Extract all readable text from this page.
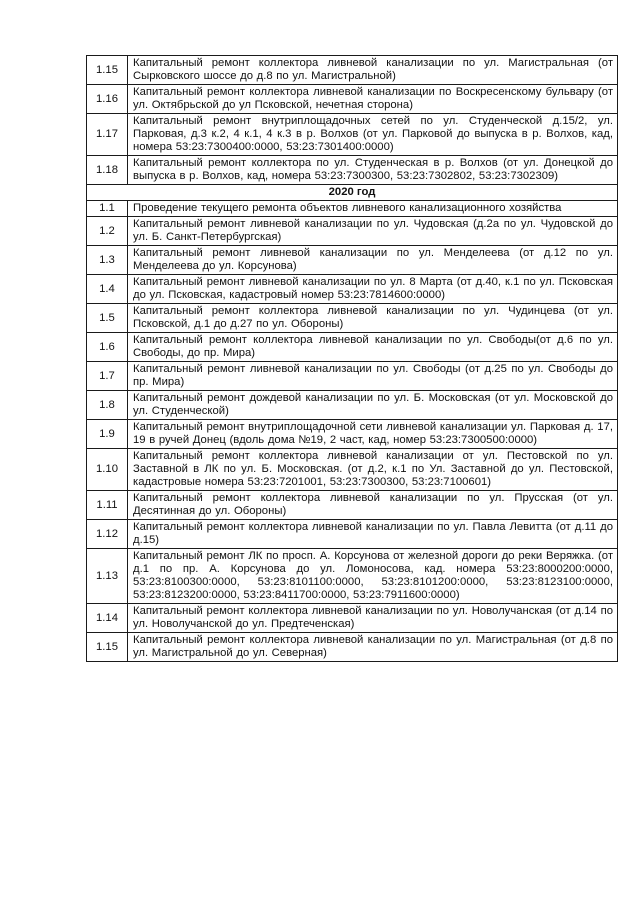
1.15	Капитальный ремонт коллектора ливневой канализации по ул. Магистральная (от Сырковского шоссе до д.8 по ул. Магистральной)
1.16	Капитальный ремонт коллектора ливневой канализации по Воскресенскому бульвару (от ул. Октябрьской до ул Псковской, нечетная сторона)
1.17	Капитальный ремонт внутриплощадочных сетей по ул. Студенческой д.15/2, ул. Парковая, д.3 к.2, 4 к.1, 4 к.3 в р. Волхов (от ул. Парковой до выпуска в р. Волхов, кад, номера 53:23:7300400:0000, 53:23:7301400:0000)
1.18	Капитальный ремонт коллектора по ул. Студенческая в р. Волхов (от ул. Донецкой до выпуска в р. Волхов, кад, номера 53:23:7300300, 53:23:7302802, 53:23:7302309)
2020 год	
1.1	Проведение текущего ремонта объектов ливневого канализационного хозяйства
1.2	Капитальный ремонт ливневой канализации по ул. Чудовская (д.2а по ул. Чудовской до ул. Б. Санкт-Петербургская)
1.3	Капитальный ремонт ливневой канализации по ул. Менделеева (от д.12 по ул. Менделеева до ул. Корсунова)
1.4	Капитальный ремонт ливневой канализации по ул. 8 Марта (от д.40, к.1 по ул. Псковская до ул. Псковская, кадастровый номер 53:23:7814600:0000)
1.5	Капитальный ремонт коллектора ливневой канализации по ул. Чудинцева (от ул. Псковской, д.1 до д.27 по ул. Обороны)
1.6	Капитальный ремонт коллектора ливневой канализации по ул. Свободы(от д.6 по ул. Свободы, до пр. Мира)
1.7	Капитальный ремонт ливневой канализации по ул. Свободы (от д.25 по ул. Свободы до пр. Мира)
1.8	Капитальный ремонт дождевой канализации по ул. Б. Московская (от ул. Московской до ул. Студенческой)
1.9	Капитальный ремонт внутриплощадочной сети ливневой канализации ул. Парковая д. 17, 19 в ручей Донец (вдоль дома №19, 2 част, кад, номер 53:23:7300500:0000)
1.10	Капитальный ремонт коллектора ливневой канализации от ул. Пестовской по ул. Заставной в ЛК по ул. Б. Московская. (от д.2, к.1 по Ул. Заставной до ул. Пестовской, кадастровые номера 53:23:7201001, 53:23:7300300, 53:23:7100601)
1.11	Капитальный ремонт коллектора ливневой канализации по ул. Прусская (от ул. Десятинная до ул. Обороны)
1.12	Капитальный ремонт коллектора ливневой канализации по ул. Павла Левитта (от д.11 до д.15)
1.13	Капитальный ремонт ЛК по просп. А. Корсунова от железной дороги до реки Веряжка. (от д.1 по пр. А. Корсунова до ул. Ломоносова, кад. номера 53:23:8000200:0000, 53:23:8100300:0000, 53:23:8101100:0000, 53:23:8101200:0000, 53:23:8123100:0000, 53:23:8123200:0000, 53:23:8411700:0000, 53:23:7911600:0000)
1.14	Капитальный ремонт коллектора ливневой канализации по ул. Новолучанская (от д.14 по ул. Новолучанской до ул. Предтеченская)
1.15	Капитальный ремонт коллектора ливневой канализации по ул. Магистральная (от д.8 по ул. Магистральной до ул. Северная)
